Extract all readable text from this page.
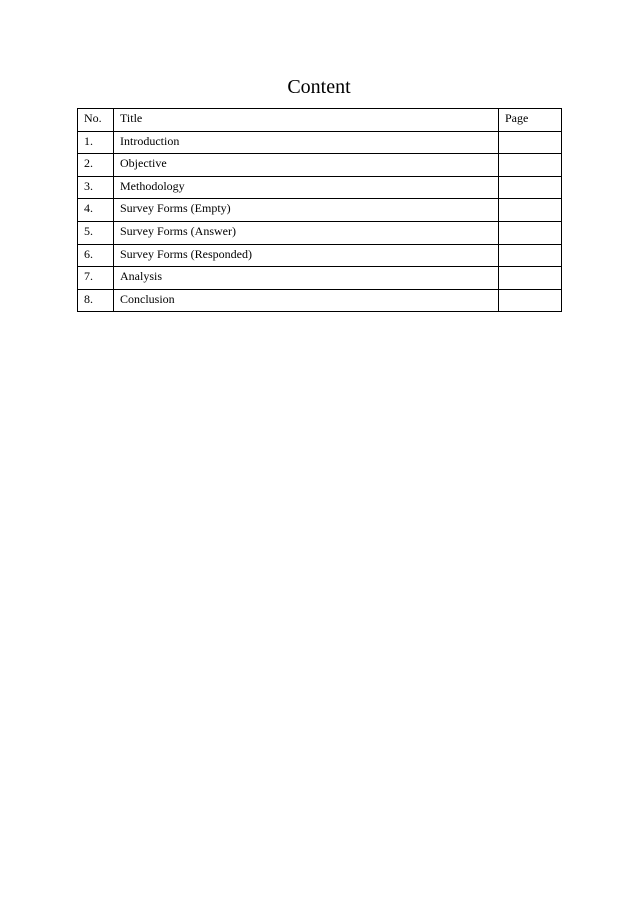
Content
No.	Title	Page
1.	Introduction	
2.	Objective	
3.	Methodology	
4.	Survey Forms (Empty)	
5.	Survey Forms (Answer)	
6.	Survey Forms (Responded)	
7.	Analysis	
8.	Conclusion	
